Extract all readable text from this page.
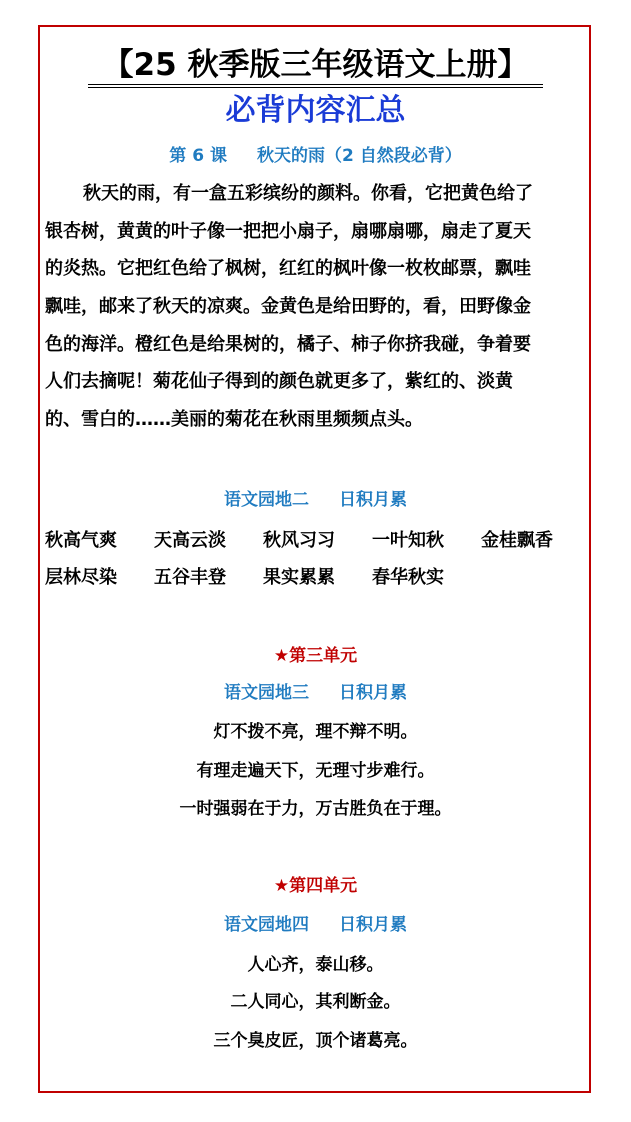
【25 秋季版三年级语文上册】
必背内容汇总
第 6 课 秋天的雨（2 自然段必背）
秋天的雨，有一盒五彩缤纷的颜料。你看，它把黄色给了
银杏树，黄黄的叶子像一把把小扇子，扇哪扇哪，扇走了夏天
的炎热。它把红色给了枫树，红红的枫叶像一枚枚邮票，飘哇
飘哇，邮来了秋天的凉爽。金黄色是给田野的，看，田野像金
色的海洋。橙红色是给果树的，橘子、柿子你挤我碰，争着要
人们去摘呢！菊花仙子得到的颜色就更多了，紫红的、淡黄
的、雪白的……美丽的菊花在秋雨里频频点头。
语文园地二 日积月累
秋高气爽 天高云淡 秋风习习 一叶知秋 金桂飘香
层林尽染 五谷丰登 果实累累 春华秋实
★第三单元
语文园地三 日积月累
灯不拨不亮，理不辩不明。
有理走遍天下，无理寸步难行。
一时强弱在于力，万古胜负在于理。
★第四单元
语文园地四 日积月累
人心齐，泰山移。
二人同心，其利断金。
三个臭皮匠，顶个诸葛亮。
